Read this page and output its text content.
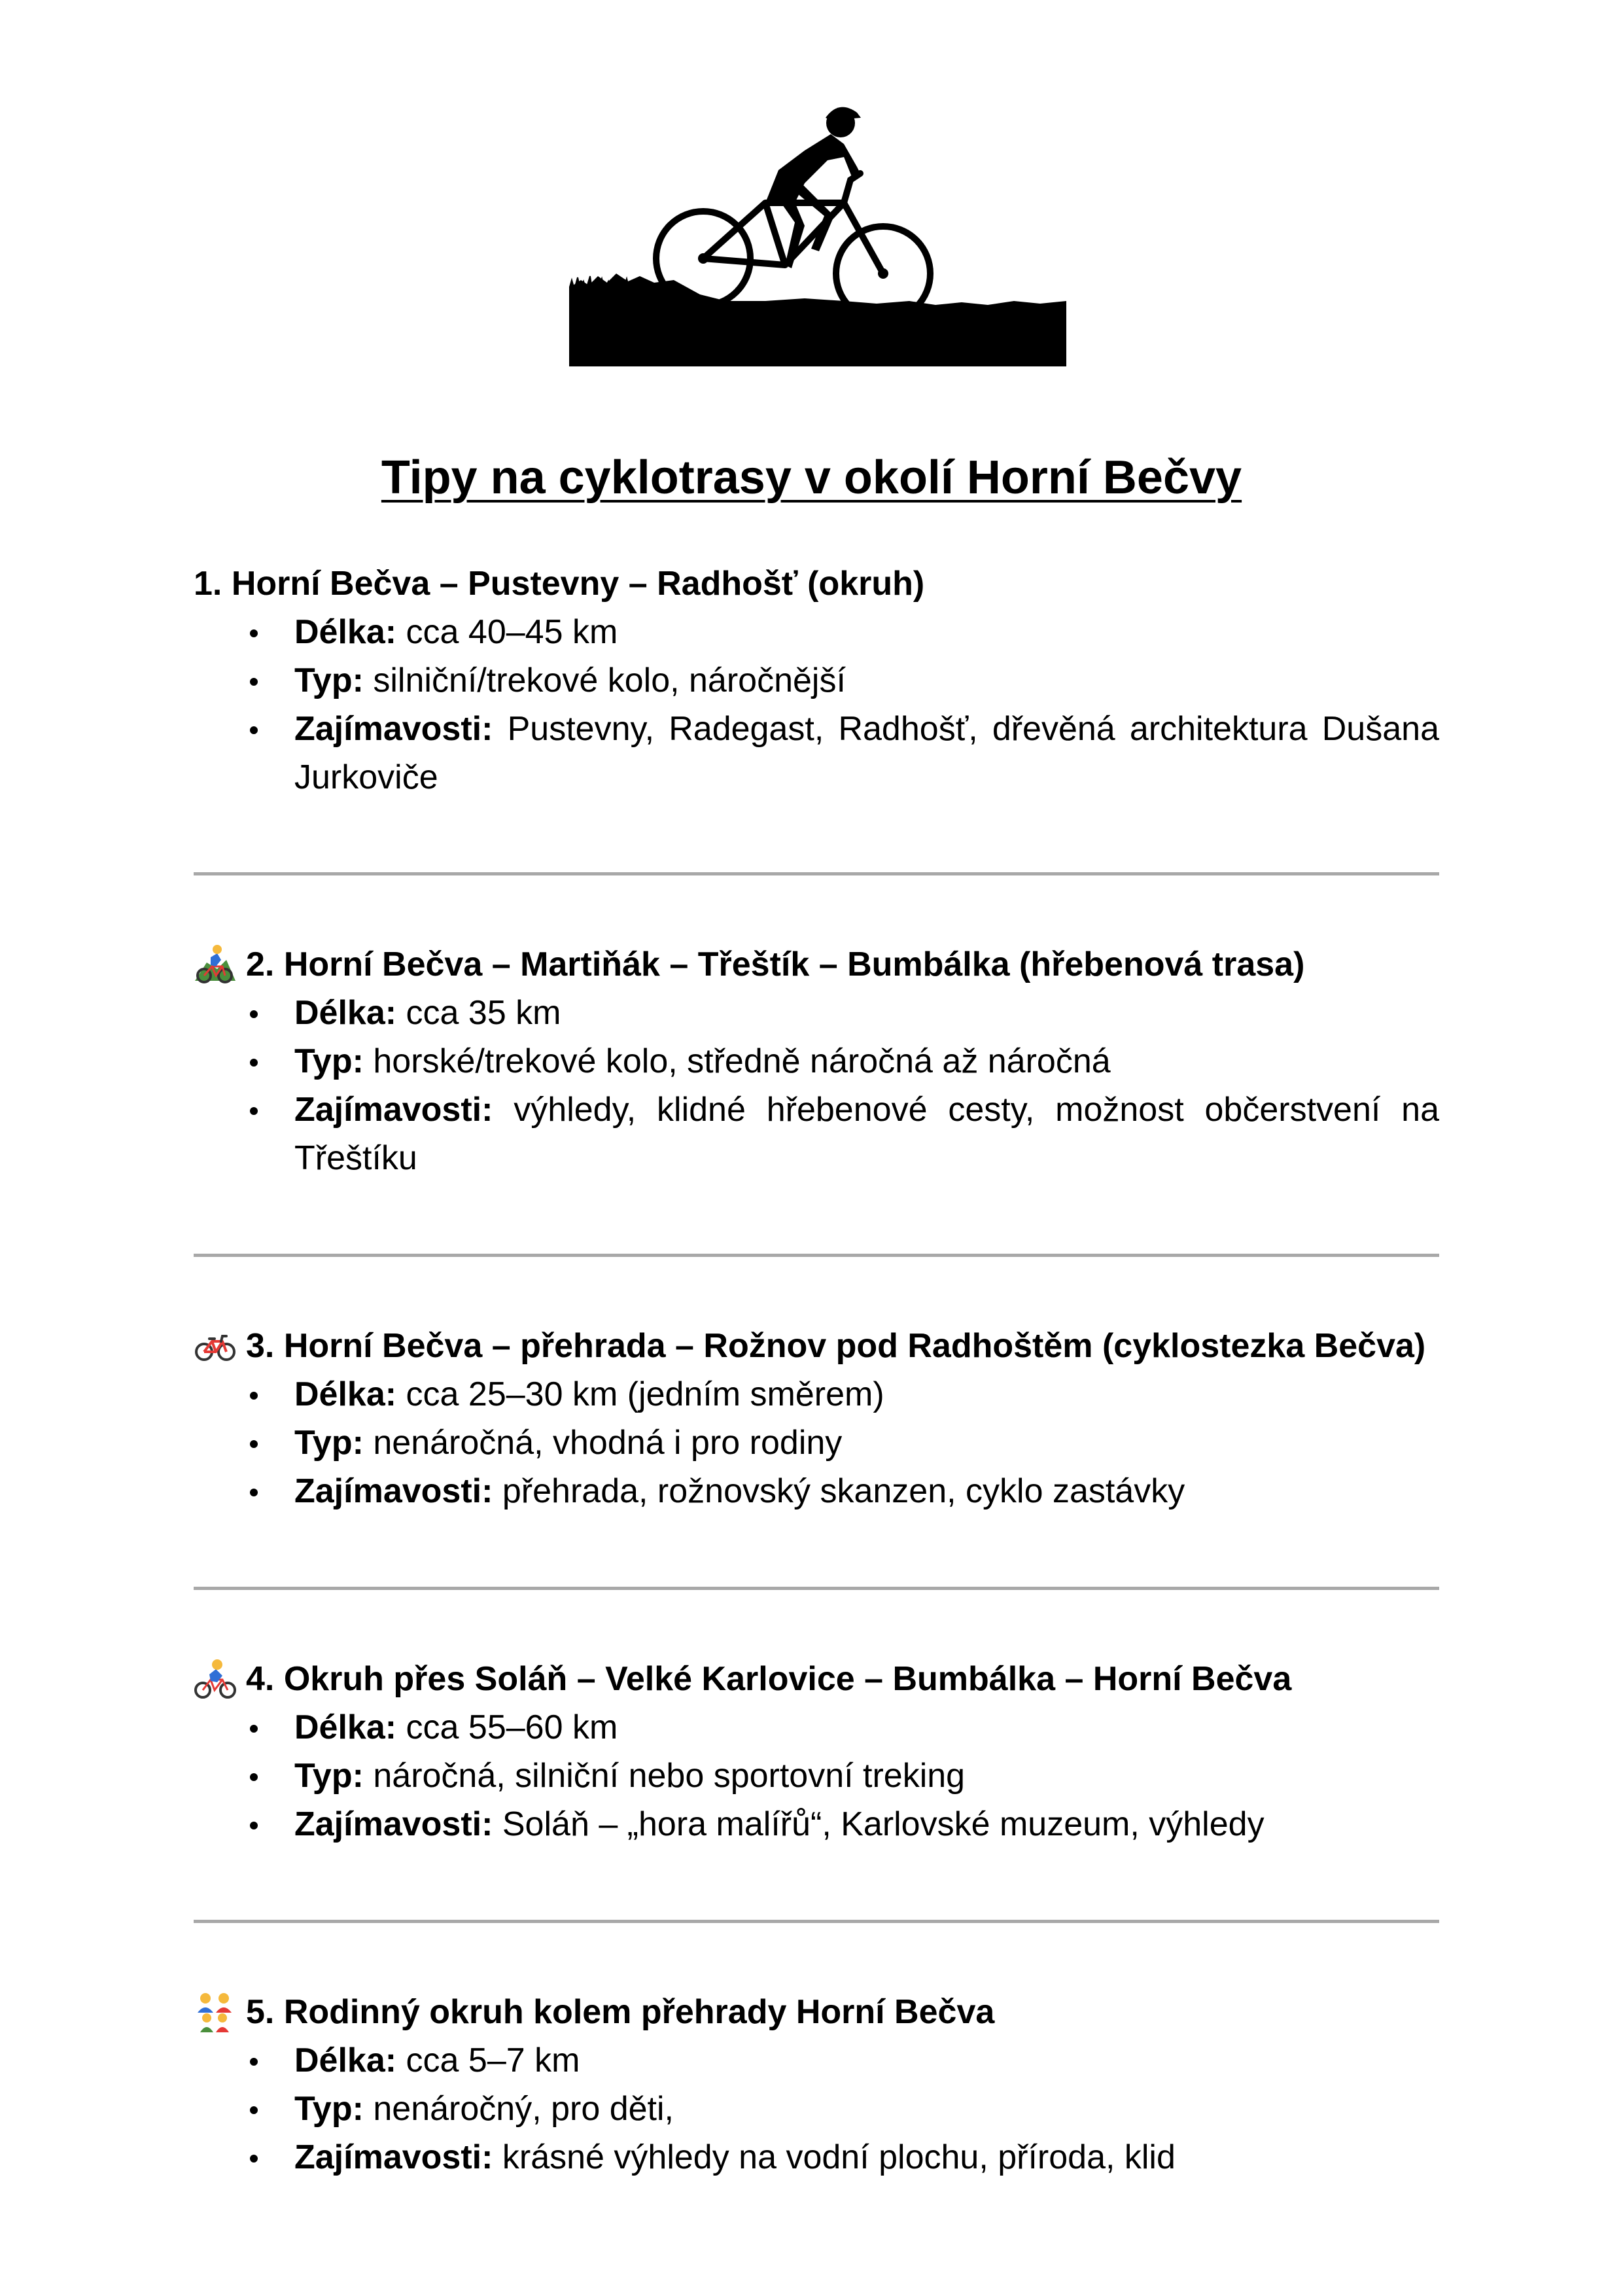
Tipy na cyklotrasy v okolí Horní Bečvy
1. Horní Bečva – Pustevny – Radhošť (okruh)
Délka: cca 40–45 km
Typ: silniční/trekové kolo, náročnější
Zajímavosti: Pustevny, Radegast, Radhošť, dřevěná architektura Dušana Jurkoviče
2. Horní Bečva – Martiňák – Třeštík – Bumbálka (hřebenová trasa)
Délka: cca 35 km
Typ: horské/trekové kolo, středně náročná až náročná
Zajímavosti: výhledy, klidné hřebenové cesty, možnost občerstvení na Třeštíku
3. Horní Bečva – přehrada – Rožnov pod Radhoštěm (cyklostezka Bečva)
Délka: cca 25–30 km (jedním směrem)
Typ: nenáročná, vhodná i pro rodiny
Zajímavosti: přehrada, rožnovský skanzen, cyklo zastávky
4. Okruh přes Soláň – Velké Karlovice – Bumbálka – Horní Bečva
Délka: cca 55–60 km
Typ: náročná, silniční nebo sportovní treking
Zajímavosti: Soláň – „hora malířů“, Karlovské muzeum, výhledy
5. Rodinný okruh kolem přehrady Horní Bečva
Délka: cca 5–7 km
Typ: nenáročný, pro děti,
Zajímavosti: krásné výhledy na vodní plochu, příroda, klid
